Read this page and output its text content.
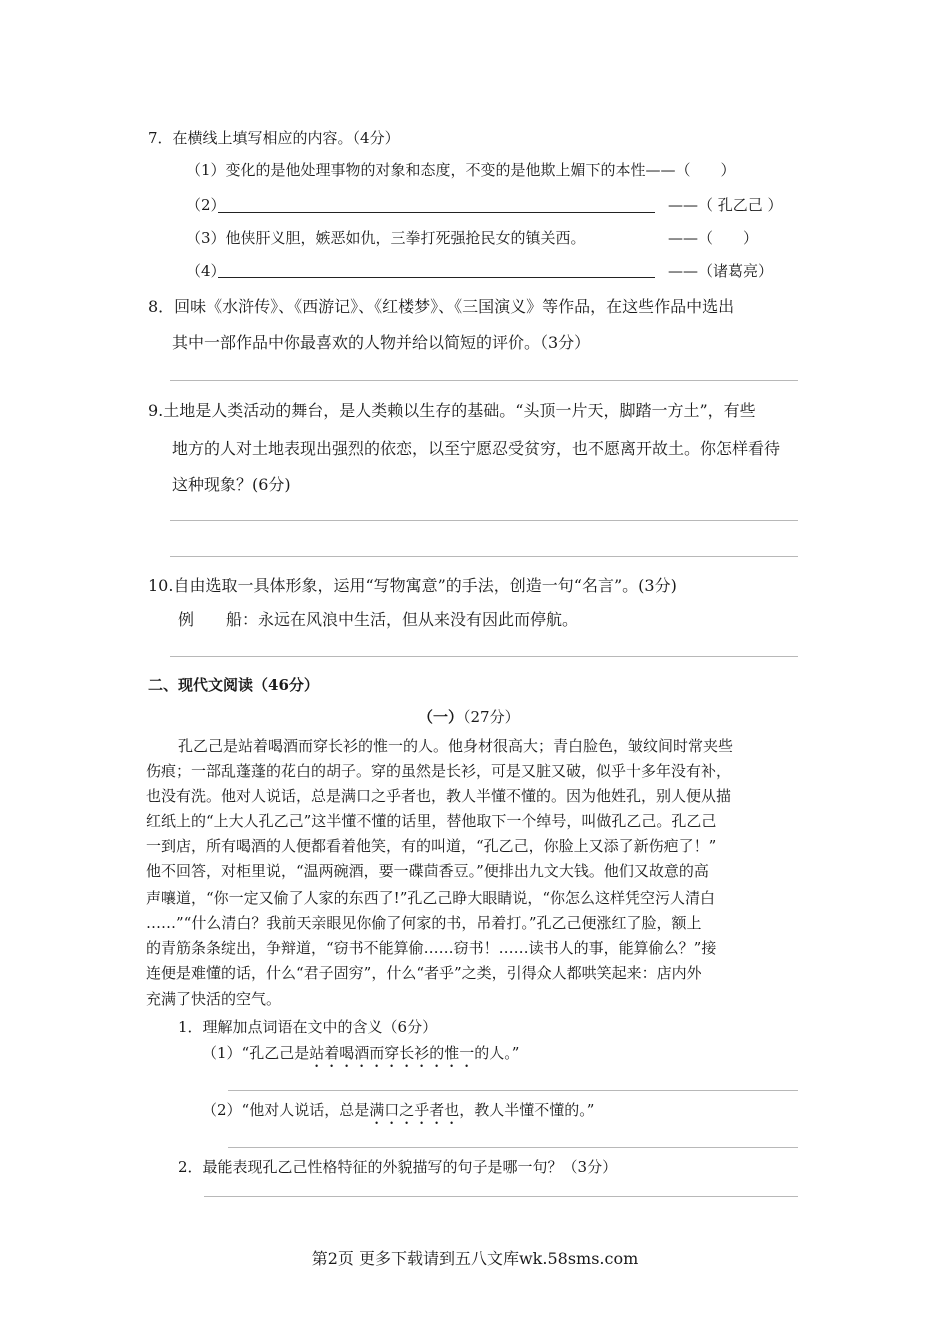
7．在横线上填写相应的内容。（4分）
（1）变化的是他处理事物的对象和态度，不变的是他欺上媚下的本性——（　　）
（2）	——（ 孔乙己 ）
（3）他侠肝义胆，嫉恶如仇，三拳打死强抢民女的镇关西。	——（　　）
（4）	——（诸葛亮）
8．回味《水浒传》、《西游记》、《红楼梦》、《三国演义》等作品，在这些作品中选出
其中一部作品中你最喜欢的人物并给以简短的评价。（3分）
9.土地是人类活动的舞台，是人类赖以生存的基础。“头顶一片天，脚踏一方土”，有些
地方的人对土地表现出强烈的依恋，以至宁愿忍受贫穷，也不愿离开故土。你怎样看待
这种现象？(6分)
10.自由选取一具体形象，运用“写物寓意”的手法，创造一句“名言”。(3分)
例　　船：永远在风浪中生活，但从来没有因此而停航。
二、现代文阅读（46分）
（一）（27分）
孔乙己是站着喝酒而穿长衫的惟一的人。他身材很高大；青白脸色，皱纹间时常夹些
伤痕；一部乱蓬蓬的花白的胡子。穿的虽然是长衫，可是又脏又破，似乎十多年没有补，
也没有洗。他对人说话，总是满口之乎者也，教人半懂不懂的。因为他姓孔，别人便从描
红纸上的“上大人孔乙己”这半懂不懂的话里，替他取下一个绰号，叫做孔乙己。孔乙己
一到店，所有喝酒的人便都看着他笑，有的叫道，“孔乙己，你脸上又添了新伤疤了！”
他不回答，对柜里说，“温两碗酒，要一碟茴香豆。”便排出九文大钱。他们又故意的高
声嚷道，“你一定又偷了人家的东西了!”孔乙己睁大眼睛说，“你怎么这样凭空污人清白
……”“什么清白？我前天亲眼见你偷了何家的书，吊着打。”孔乙己便涨红了脸，额上
的青筋条条绽出，争辩道，“窃书不能算偷……窃书！……读书人的事，能算偷么？”接
连便是难懂的话，什么“君子固穷”，什么“者乎”之类，引得众人都哄笑起来：店内外
充满了快活的空气。
1．理解加点词语在文中的含义（6分）
（1）“孔乙己是站着喝酒而穿长衫的惟一的人。”
（2）“他对人说话，总是满口之乎者也，教人半懂不懂的。”
2．最能表现孔乙己性格特征的外貌描写的句子是哪一句？（3分）
第2页 更多下载请到五八文库wk.58sms.com
